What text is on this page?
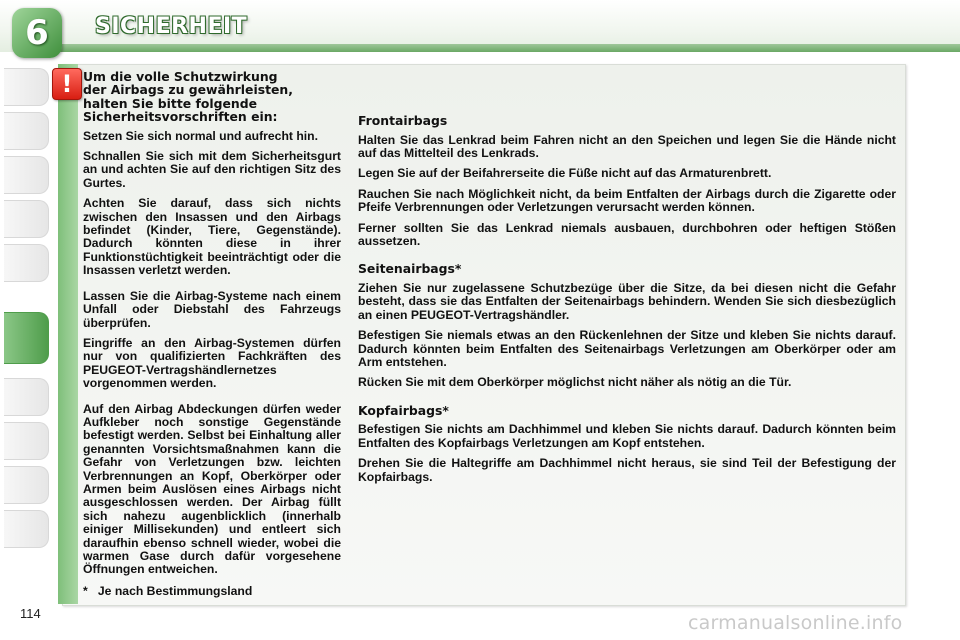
6 SICHERHEIT
! Um die volle Schutzwirkung
der Airbags zu gewährleisten,
halten Sie bitte folgende
Sicherheitsvorschriften ein:

Setzen Sie sich normal und aufrecht hin.

Schnallen Sie sich mit dem Sicherheitsgurt an und achten Sie auf den richtigen Sitz des Gurtes.

Achten Sie darauf, dass sich nichts zwischen den Insassen und den Airbags befindet (Kinder, Tiere, Gegenstände). Dadurch könnten diese in ihrer Funktionstüchtigkeit beeinträchtigt oder die Insassen verletzt werden.

Lassen Sie die Airbag-Systeme nach einem Unfall oder Diebstahl des Fahrzeugs überprüfen.

Eingriffe an den Airbag-Systemen dürfen nur von qualifizierten Fachkräften des PEUGEOT-Vertragshändlernetzes vorgenommen werden.

Auf den Airbag Abdeckungen dürfen weder Aufkleber noch sonstige Gegenstände befestigt werden. Selbst bei Einhaltung aller genannten Vorsichtsmaßnahmen kann die Gefahr von Verletzungen bzw. leichten Verbrennungen an Kopf, Oberkörper oder Armen beim Auslösen eines Airbags nicht ausgeschlossen werden. Der Airbag füllt sich nahezu augenblicklich (innerhalb einiger Millisekunden) und entleert sich daraufhin ebenso schnell wieder, wobei die warmen Gase durch dafür vorgesehene Öffnungen entweichen.

*   Je nach Bestimmungsland
Frontairbags

Halten Sie das Lenkrad beim Fahren nicht an den Speichen und legen Sie die Hände nicht auf das Mittelteil des Lenkrads.

Legen Sie auf der Beifahrerseite die Füße nicht auf das Armaturenbrett.

Rauchen Sie nach Möglichkeit nicht, da beim Entfalten der Airbags durch die Zigarette oder Pfeife Verbrennungen oder Verletzungen verursacht werden können.

Ferner sollten Sie das Lenkrad niemals ausbauen, durchbohren oder heftigen Stößen aussetzen.

Seitenairbags*

Ziehen Sie nur zugelassene Schutzbezüge über die Sitze, da bei diesen nicht die Gefahr besteht, dass sie das Entfalten der Seitenairbags behindern. Wenden Sie sich diesbezüglich an einen PEUGEOT-Vertragshändler.

Befestigen Sie niemals etwas an den Rückenlehnen der Sitze und kleben Sie nichts darauf. Dadurch könnten beim Entfalten des Seitenairbags Verletzungen am Oberkörper oder am Arm entstehen.

Rücken Sie mit dem Oberkörper möglichst nicht näher als nötig an die Tür.

Kopfairbags*

Befestigen Sie nichts am Dachhimmel und kleben Sie nichts darauf. Dadurch könnten beim Entfalten des Kopfairbags Verletzungen am Kopf entstehen.

Drehen Sie die Haltegriffe am Dachhimmel nicht heraus, sie sind Teil der Befestigung der Kopfairbags.

114	carmanualsonline.info
